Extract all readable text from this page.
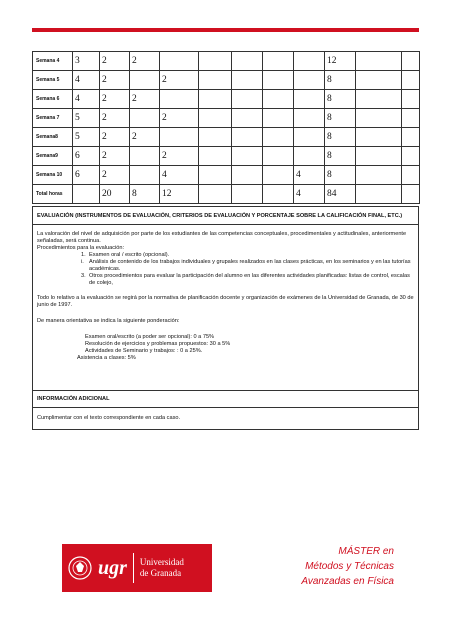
Semana 4	3	2	2						12		
Semana 5	4	2		2					8		
Semana 6	4	2	2						8		
Semana 7	5	2		2					8		
Semana8	5	2	2						8		
Semana9	6	2		2					8		
Semana 10	6	2		4				4	8		
Total horas		20	8	12				4	84		
EVALUACIÓN (INSTRUMENTOS DE EVALUACIÓN, CRITERIOS DE EVALUACIÓN Y PORCENTAJE SOBRE LA CALIFICACIÓN FINAL, ETC.)

La valoración del nivel de adquisición por parte de los estudiantes de las competencias conceptuales, procedimentales y actitudinales, anteriormente señaladas, será continua.

Procedimientos para la evaluación:

1. Examen oral / escrito (opcional).
i. Análisis de contenido de los trabajos individuales y grupales realizados en las clases prácticas, en los seminarios y en las tutorías académicas.
3. Otros procedimientos para evaluar la participación del alumno en las diferentes actividades planificadas: listas de control, escalas de colejo,

Todo lo relativo a la evaluación se regirá por la normativa de planificación docente y organización de exámenes de la Universidad de Granada, de 30 de junio de 1997.

De manera orientativa se indica la siguiente ponderación:

Examen oral/escrito (a poder ser opcional): 0 a 75%

Resolución de ejercicios y problemas propuestos: 30 a 5%

Actividades de Seminario y trabajos: : 0 a 25%.

Asistencia a clases: 5%

INFORMACIÓN ADICIONAL
Cumplimentar con el texto correspondiente en cada caso.
ugr Universidad
de Granada
MÁSTER en
Métodos y Técnicas
Avanzadas en Física
